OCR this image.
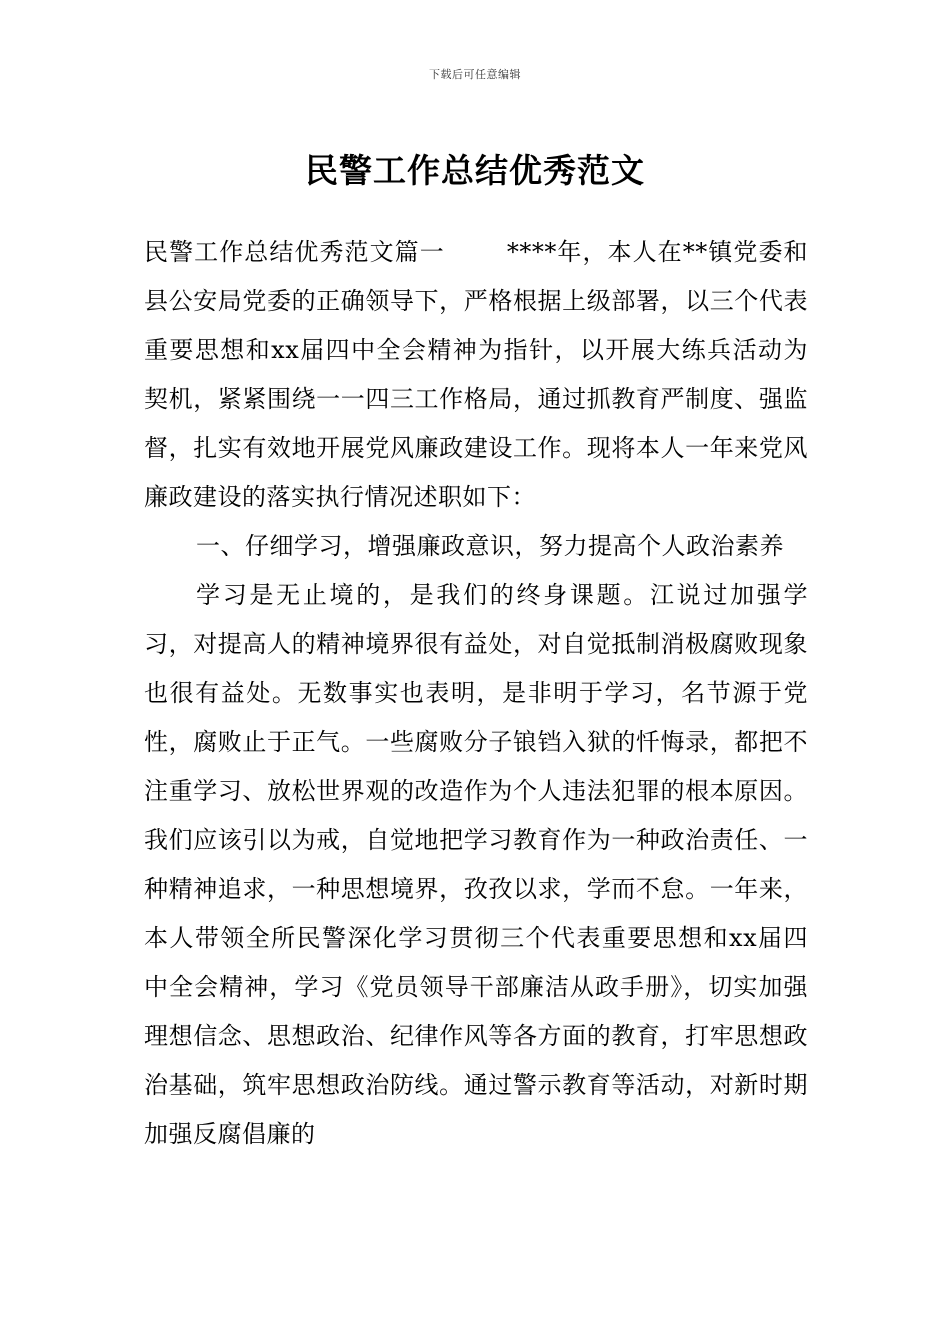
下载后可任意编辑
民警工作总结优秀范文

民警工作总结优秀范文篇一	****年，本人在**镇党委和县公安局党委的正确领导下，严格根据上级部署，以三个代表重要思想和xx届四中全会精神为指针，以开展大练兵活动为契机，紧紧围绕一一四三工作格局，通过抓教育严制度、强监督，扎实有效地开展党风廉政建设工作。现将本人一年来党风廉政建设的落实执行情况述职如下：

一、仔细学习，增强廉政意识，努力提高个人政治素养

学习是无止境的，是我们的终身课题。江说过加强学习，对提高人的精神境界很有益处，对自觉抵制消极腐败现象也很有益处。无数事实也表明，是非明于学习，名节源于党性，腐败止于正气。一些腐败分子锒铛入狱的忏悔录，都把不注重学习、放松世界观的改造作为个人违法犯罪的根本原因。我们应该引以为戒，自觉地把学习教育作为一种政治责任、一种精神追求，一种思想境界，孜孜以求，学而不怠。一年来，本人带领全所民警深化学习贯彻三个代表重要思想和xx届四中全会精神，学习《党员领导干部廉洁从政手册》，切实加强理想信念、思想政治、纪律作风等各方面的教育，打牢思想政治基础，筑牢思想政治防线。通过警示教育等活动，对新时期加强反腐倡廉的
